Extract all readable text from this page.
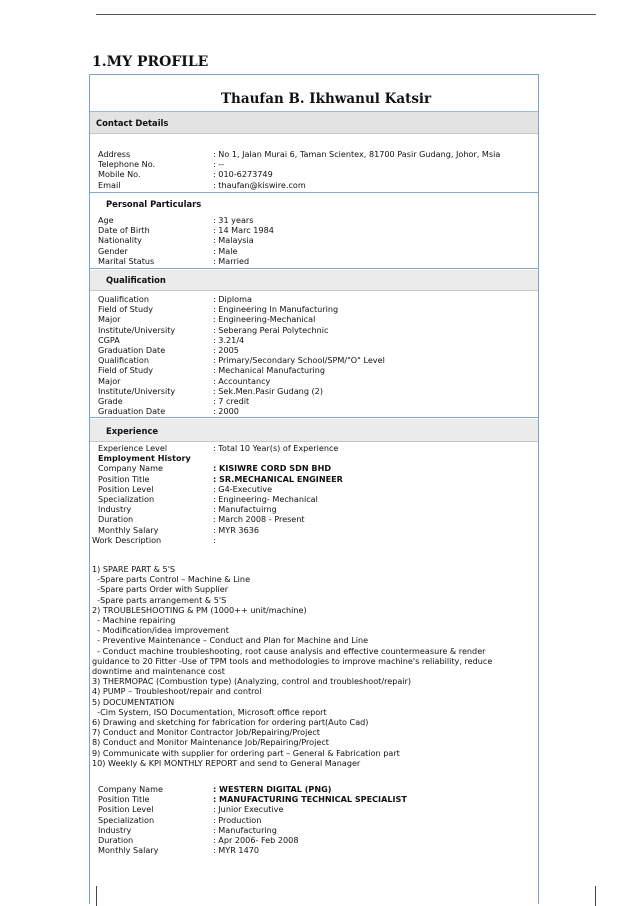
1.MY PROFILE
Thaufan B. Ikhwanul Katsir
Contact Details
Address	: No 1, Jalan Murai 6, Taman Scientex, 81700 Pasir Gudang, Johor, Msia
Telephone No.	: --
Mobile No.	: 010-6273749
Email	: thaufan@kiswire.com
Personal Particulars
Age	: 31 years
Date of Birth	: 14 Marc 1984
Nationality	: Malaysia
Gender	: Male
Marital Status	: Married
Qualification
Qualification	: Diploma
Field of Study	: Engineering In Manufacturing
Major	: Engineering-Mechanical
Institute/University	: Seberang Perai Polytechnic
CGPA	: 3.21/4
Graduation Date	: 2005
Qualification	: Primary/Secondary School/SPM/"O" Level
Field of Study	: Mechanical Manufacturing
Major	: Accountancy
Institute/University	: Sek.Men.Pasir Gudang (2)
Grade	: 7 credit
Graduation Date	: 2000
Experience
Experience Level	: Total 10 Year(s) of Experience
Employment History
Company Name	: KISIWRE CORD SDN BHD
Position Title	: SR.MECHANICAL ENGINEER
Position Level	: G4-Executive
Specialization	: Engineering- Mechanical
Industry	: Manufactuirng
Duration	: March 2008 - Present
Monthly Salary	: MYR 3636
Work Description	:
1) SPARE PART & 5'S
-Spare parts Control – Machine & Line
-Spare parts Order with Supplier
-Spare parts arrangement & 5'S
2) TROUBLESHOOTING & PM (1000++ unit/machine)
- Machine repairing
- Modification/idea improvement
- Preventive Maintenance – Conduct and Plan for Machine and Line
- Conduct machine troubleshooting, root cause analysis and effective countermeasure & render
guidance to 20 Fitter -Use of TPM tools and methodologies to improve machine's reliability, reduce
downtime and maintenance cost
3) THERMOPAC (Combustion type) (Analyzing, control and troubleshoot/repair)
4) PUMP – Troubleshoot/repair and control
5) DOCUMENTATION
-Cim System, ISO Documentation, Microsoft office report
6) Drawing and sketching for fabrication for ordering part(Auto Cad)
7) Conduct and Monitor Contractor Job/Repairing/Project
8) Conduct and Monitor Maintenance Job/Repairing/Project
9) Communicate with supplier for ordering part – General & Fabrication part
10) Weekly & KPI MONTHLY REPORT and send to General Manager
Company Name	: WESTERN DIGITAL (PNG)
Position Title	: MANUFACTURING TECHNICAL SPECIALIST
Position Level	: Junior Executive
Specialization	: Production
Industry	: Manufacturing
Duration	: Apr 2006- Feb 2008
Monthly Salary	: MYR 1470
